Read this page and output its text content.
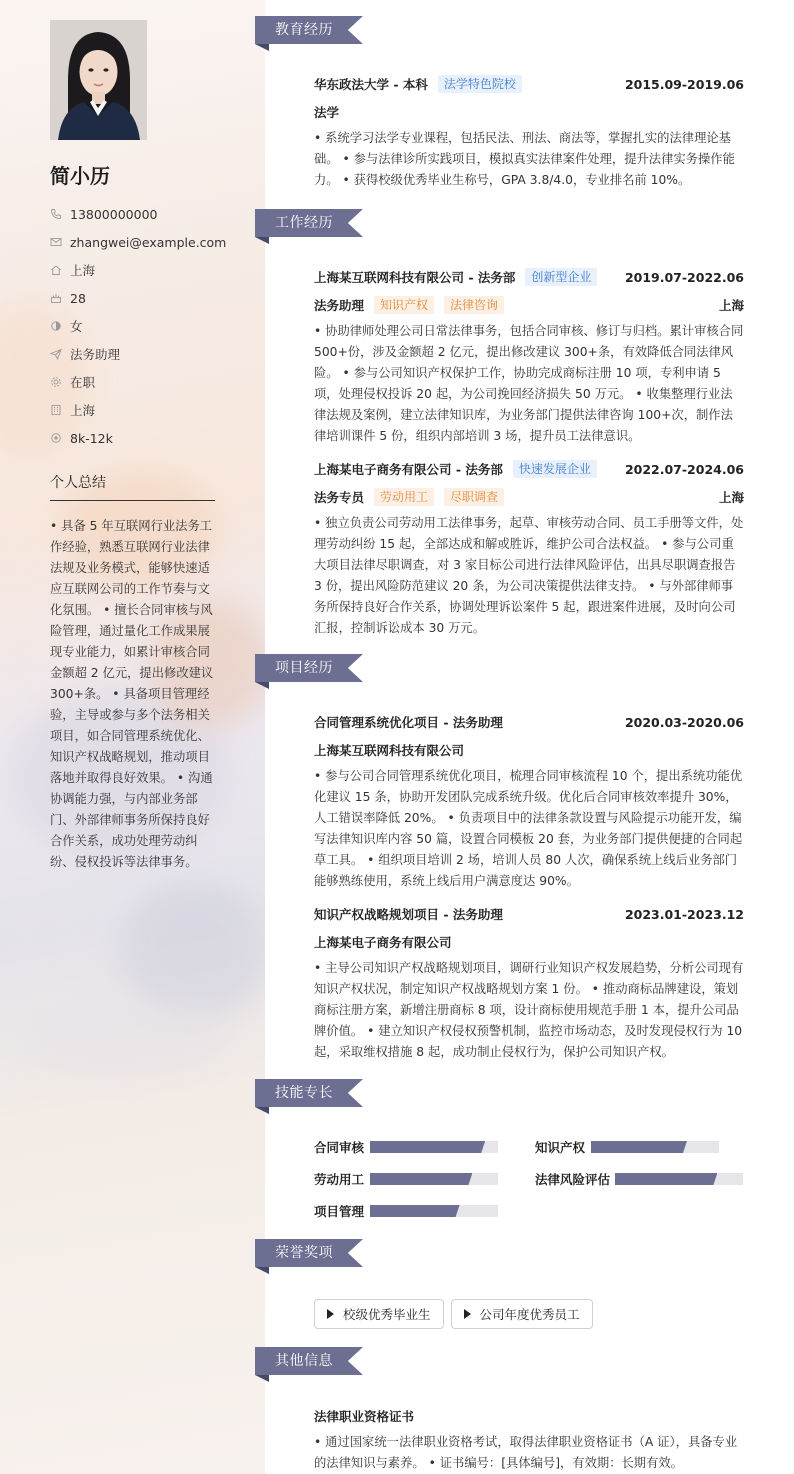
简小历
13800000000
zhangwei@example.com
上海
28
女
法务助理
在职
上海
8k-12k
个人总结
• 具备 5 年互联网行业法务工作经验，熟悉互联网行业法律法规及业务模式，能够快速适应互联网公司的工作节奏与文化氛围。 • 擅长合同审核与风险管理，通过量化工作成果展现专业能力，如累计审核合同金额超 2 亿元，提出修改建议 300+条。 • 具备项目管理经验，主导或参与多个法务相关项目，如合同管理系统优化、知识产权战略规划，推动项目落地并取得良好效果。 • 沟通协调能力强，与内部业务部门、外部律师事务所保持良好合作关系，成功处理劳动纠纷、侵权投诉等法律事务。
教育经历
华东政法大学 - 本科	法学特色院校	2015.09-2019.06
法学
• 系统学习法学专业课程，包括民法、刑法、商法等，掌握扎实的法律理论基础。 • 参与法律诊所实践项目，模拟真实法律案件处理，提升法律实务操作能力。 • 获得校级优秀毕业生称号，GPA 3.8/4.0，专业排名前 10%。
工作经历
上海某互联网科技有限公司 - 法务部	创新型企业	2019.07-2022.06
法务助理	知识产权	法律咨询	上海
• 协助律师处理公司日常法律事务，包括合同审核、修订与归档。累计审核合同 500+份，涉及金额超 2 亿元，提出修改建议 300+条，有效降低合同法律风险。 • 参与公司知识产权保护工作，协助完成商标注册 10 项，专利申请 5 项，处理侵权投诉 20 起，为公司挽回经济损失 50 万元。 • 收集整理行业法律法规及案例，建立法律知识库，为业务部门提供法律咨询 100+次，制作法律培训课件 5 份，组织内部培训 3 场，提升员工法律意识。
上海某电子商务有限公司 - 法务部	快速发展企业	2022.07-2024.06
法务专员	劳动用工	尽职调查	上海
• 独立负责公司劳动用工法律事务，起草、审核劳动合同、员工手册等文件，处理劳动纠纷 15 起，全部达成和解或胜诉，维护公司合法权益。 • 参与公司重大项目法律尽职调查，对 3 家目标公司进行法律风险评估，出具尽职调查报告 3 份，提出风险防范建议 20 条，为公司决策提供法律支持。 • 与外部律师事务所保持良好合作关系，协调处理诉讼案件 5 起，跟进案件进展，及时向公司汇报，控制诉讼成本 30 万元。
项目经历
合同管理系统优化项目 - 法务助理	2020.03-2020.06
上海某互联网科技有限公司
• 参与公司合同管理系统优化项目，梳理合同审核流程 10 个，提出系统功能优化建议 15 条，协助开发团队完成系统升级。优化后合同审核效率提升 30%，人工错误率降低 20%。 • 负责项目中的法律条款设置与风险提示功能开发，编写法律知识库内容 50 篇，设置合同模板 20 套，为业务部门提供便捷的合同起草工具。 • 组织项目培训 2 场，培训人员 80 人次，确保系统上线后业务部门能够熟练使用，系统上线后用户满意度达 90%。
知识产权战略规划项目 - 法务助理	2023.01-2023.12
上海某电子商务有限公司
• 主导公司知识产权战略规划项目，调研行业知识产权发展趋势，分析公司现有知识产权状况，制定知识产权战略规划方案 1 份。 • 推动商标品牌建设，策划商标注册方案，新增注册商标 8 项，设计商标使用规范手册 1 本，提升公司品牌价值。 • 建立知识产权侵权预警机制，监控市场动态，及时发现侵权行为 10 起，采取维权措施 8 起，成功制止侵权行为，保护公司知识产权。
技能专长
合同审核	知识产权
劳动用工	法律风险评估
项目管理
荣誉奖项
校级优秀毕业生	公司年度优秀员工
其他信息
法律职业资格证书
• 通过国家统一法律职业资格考试，取得法律职业资格证书（A 证），具备专业的法律知识与素养。 • 证书编号：[具体编号]，有效期：长期有效。
